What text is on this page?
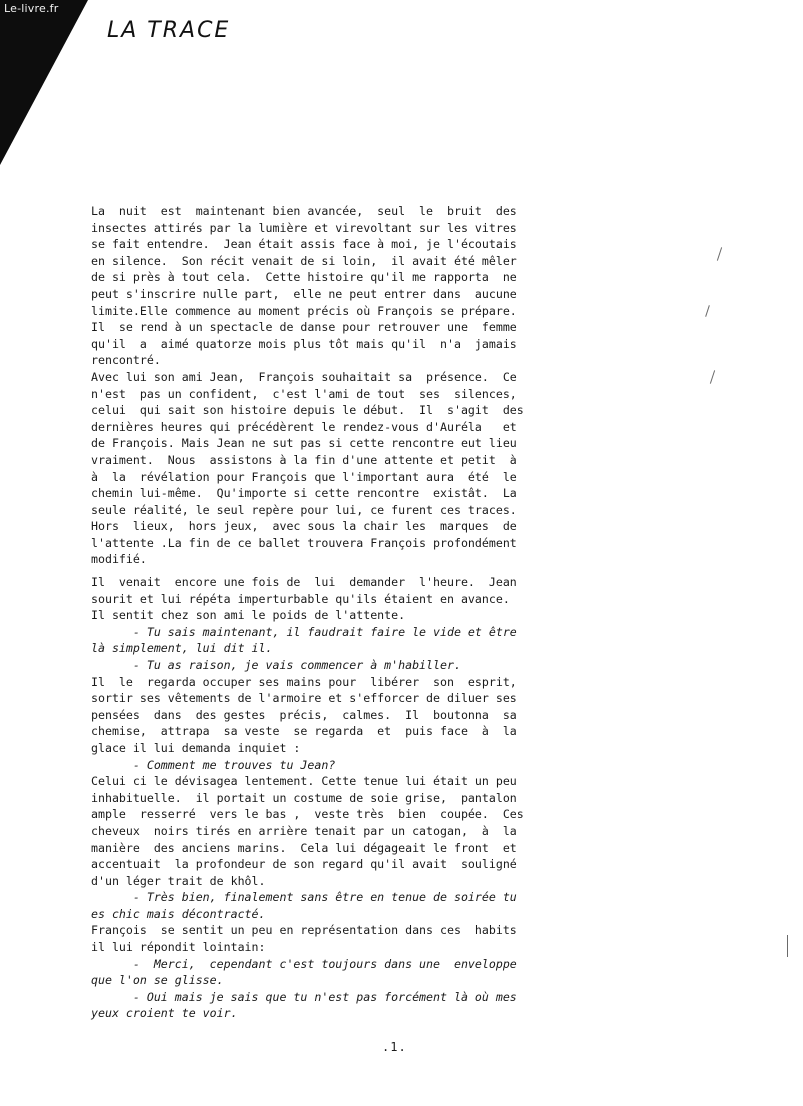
Le-livre.fr
LA TRACE
La  nuit  est  maintenant bien avancée,  seul  le  bruit  des
insectes attirés par la lumière et virevoltant sur les vitres
se fait entendre.  Jean était assis face à moi, je l'écoutais
en silence.  Son récit venait de si loin,  il avait été mêler
de si près à tout cela.  Cette histoire qu'il me rapporta  ne
peut s'inscrire nulle part,  elle ne peut entrer dans  aucune
limite.Elle commence au moment précis où François se prépare.
Il  se rend à un spectacle de danse pour retrouver une  femme
qu'il  a  aimé quatorze mois plus tôt mais qu'il  n'a  jamais
rencontré.
Avec lui son ami Jean,  François souhaitait sa  présence.  Ce
n'est  pas un confident,  c'est l'ami de tout  ses  silences,
celui  qui sait son histoire depuis le début.  Il  s'agit  des
dernières heures qui précédèrent le rendez-vous d'Auréla   et
de François. Mais Jean ne sut pas si cette rencontre eut lieu
vraiment.  Nous  assistons à la fin d'une attente et petit  à
à  la  révélation pour François que l'important aura  été  le
chemin lui-même.  Qu'importe si cette rencontre  existât.  La
seule réalité, le seul repère pour lui, ce furent ces traces.
Hors  lieux,  hors jeux,  avec sous la chair les  marques  de
l'attente .La fin de ce ballet trouvera François profondément
modifié.
Il  venait  encore une fois de  lui  demander  l'heure.  Jean
sourit et lui répéta imperturbable qu'ils étaient en avance.
Il sentit chez son ami le poids de l'attente.
- Tu sais maintenant, il faudrait faire le vide et être
là simplement, lui dit il.
- Tu as raison, je vais commencer à m'habiller.
Il  le  regarda occuper ses mains pour  libérer  son  esprit,
sortir ses vêtements de l'armoire et s'efforcer de diluer ses
pensées  dans  des gestes  précis,  calmes.  Il  boutonna  sa
chemise,  attrapa  sa veste  se regarda  et  puis face  à  la
glace il lui demanda inquiet :
- Comment me trouves tu Jean?
Celui ci le dévisagea lentement. Cette tenue lui était un peu
inhabituelle.  il portait un costume de soie grise,  pantalon
ample  resserré  vers le bas ,  veste très  bien  coupée.  Ces
cheveux  noirs tirés en arrière tenait par un catogan,  à  la
manière  des anciens marins.  Cela lui dégageait le front  et
accentuait  la profondeur de son regard qu'il avait  souligné
d'un léger trait de khôl.
- Très bien, finalement sans être en tenue de soirée tu
es chic mais décontracté.
François  se sentit un peu en représentation dans ces  habits
il lui répondit lointain:
-  Merci,  cependant c'est toujours dans une  enveloppe
que l'on se glisse.
- Oui mais je sais que tu n'est pas forcément là où mes
yeux croient te voir.
.1.
